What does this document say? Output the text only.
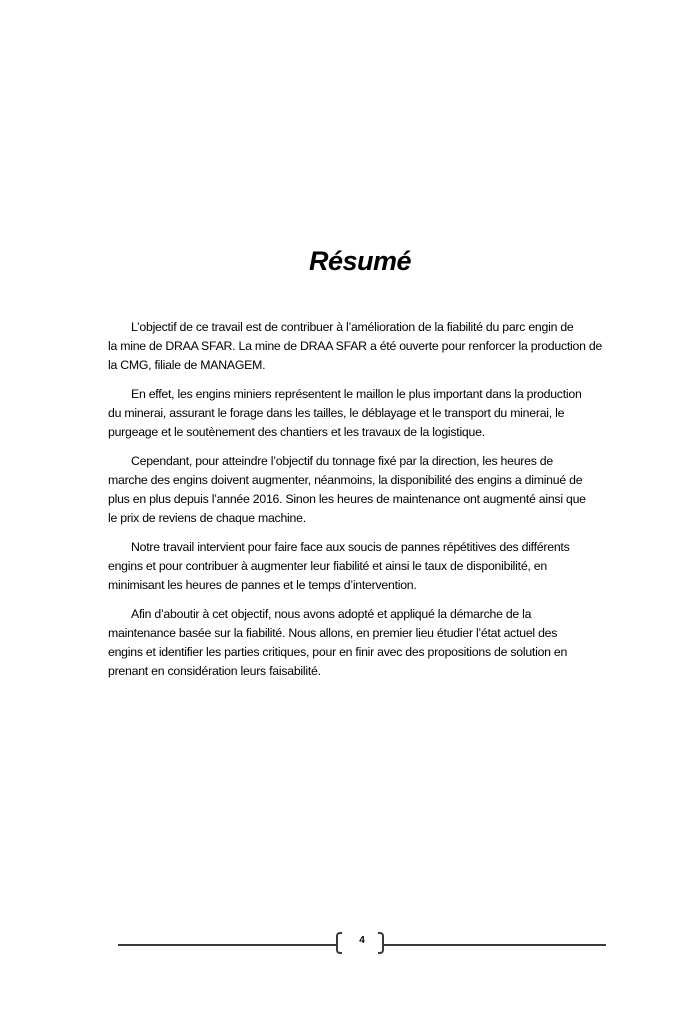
Résumé

L’objectif de ce travail est de contribuer à l’amélioration de la fiabilité du parc engin de
la mine de DRAA SFAR. La mine de DRAA SFAR a été ouverte pour renforcer la production de
la CMG, filiale de MANAGEM.

En effet, les engins miniers représentent le maillon le plus important dans la production
du minerai, assurant le forage dans les tailles, le déblayage et le transport du minerai, le
purgeage et le soutènement des chantiers et les travaux de la logistique.

Cependant, pour atteindre l’objectif du tonnage fixé par la direction, les heures de
marche des engins doivent augmenter, néanmoins, la disponibilité des engins a diminué de
plus en plus depuis l’année 2016. Sinon les heures de maintenance ont augmenté ainsi que
le prix de reviens de chaque machine.

Notre travail intervient pour faire face aux soucis de pannes répétitives des différents
engins et pour contribuer à augmenter leur fiabilité et ainsi le taux de disponibilité, en
minimisant les heures de pannes et le temps d’intervention.

Afin d’aboutir à cet objectif, nous avons adopté et appliqué la démarche de la
maintenance basée sur la fiabilité. Nous allons, en premier lieu étudier l’état actuel des
engins et identifier les parties critiques, pour en finir avec des propositions de solution en
prenant en considération leurs faisabilité.

4
